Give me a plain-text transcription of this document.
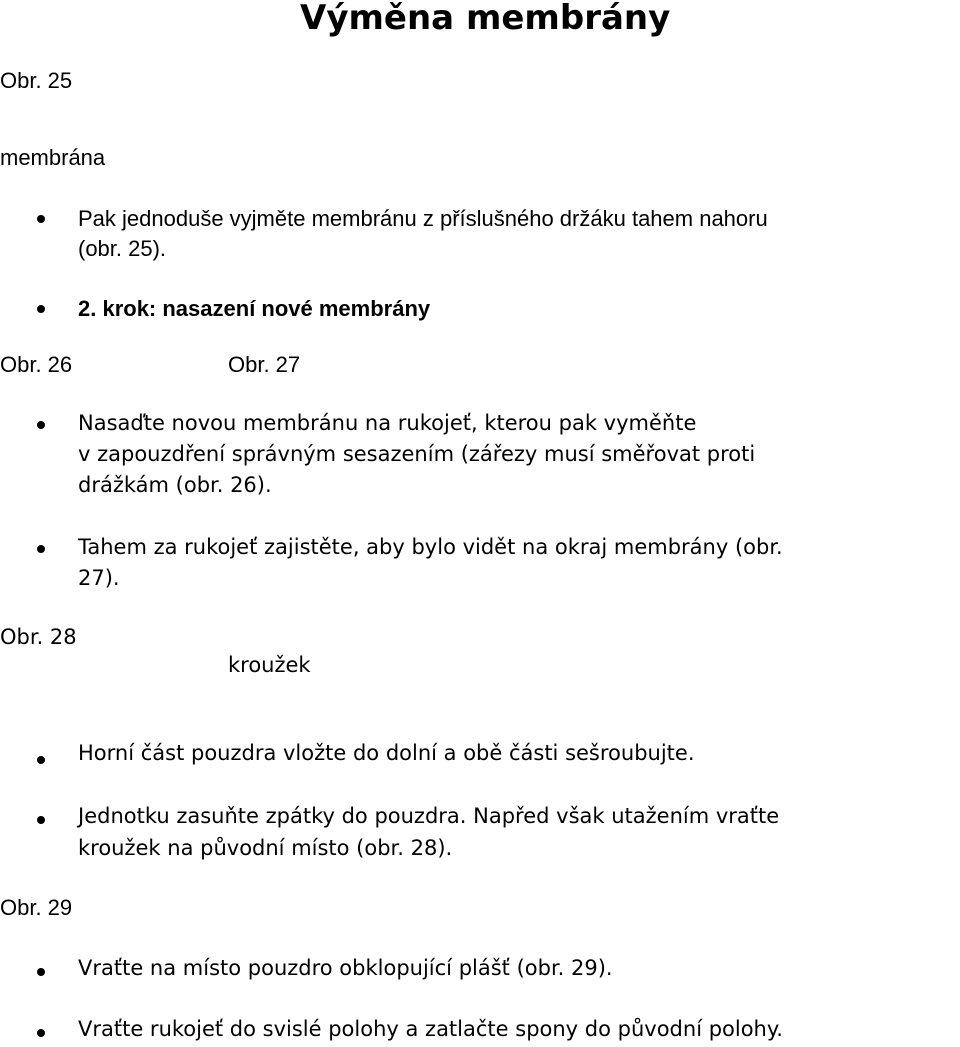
Výměna membrány
Obr. 25
membrána
Pak jednoduše vyjměte membránu z příslušného držáku tahem nahoru
(obr. 25).
2. krok: nasazení nové membrány
Obr. 26	Obr. 27
Nasaďte novou membránu na rukojeť, kterou pak vyměňte
v zapouzdření správným sesazením (zářezy musí směřovat proti
drážkám (obr. 26).
Tahem za rukojeť zajistěte, aby bylo vidět na okraj membrány (obr.
27).
Obr. 28
kroužek
Horní část pouzdra vložte do dolní a obě části sešroubujte.
Jednotku zasuňte zpátky do pouzdra. Napřed však utažením vraťte
kroužek na původní místo (obr. 28).
Obr. 29
Vraťte na místo pouzdro obklopující plášť (obr. 29).
Vraťte rukojeť do svislé polohy a zatlačte spony do původní polohy.
